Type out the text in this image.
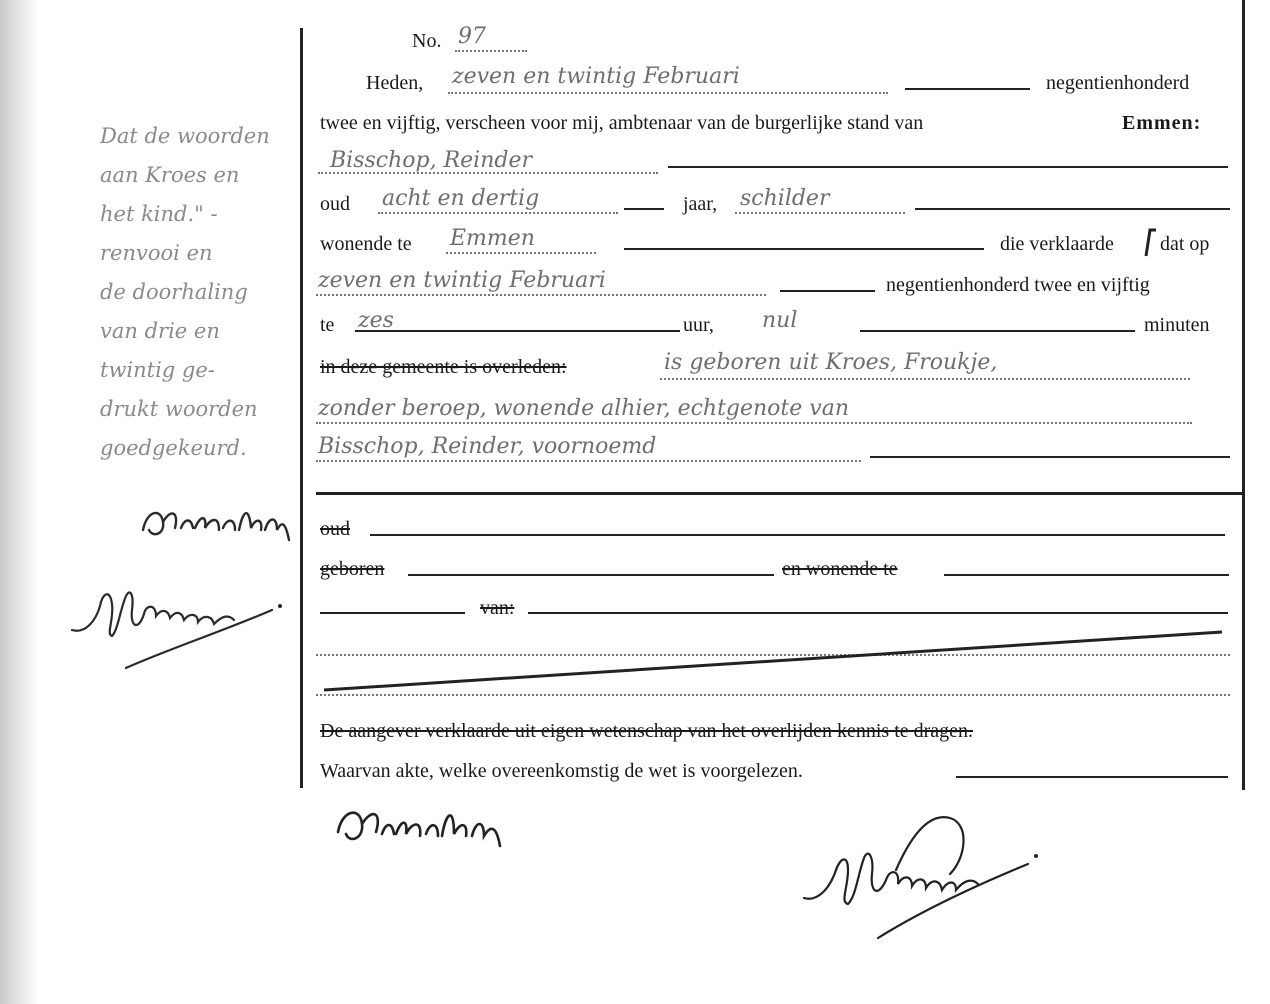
No. 97
Heden, zeven en twintig Februari	negentienhonderd
twee en vijftig, verscheen voor mij, ambtenaar van de burgerlijke stand van	Emmen:
Bisschop, Reinder
oud acht en dertig	jaar, schilder
wonende te Emmen	die verklaarde dat op
zeven en twintig Februari	negentienhonderd twee en vijftig
te zes	uur, nul	minuten
in deze gemeente is overleden:	is geboren uit Kroes, Froukje,
zonder beroep, wonende alhier, echtgenote van
Bisschop, Reinder, voornoemd
oud
geboren	en wonende te
van:
De aangever verklaarde uit eigen wetenschap van het overlijden kennis te dragen.
Waarvan akte, welke overeenkomstig de wet is voorgelezen.
Dat de woorden
aan Kroes en
het kind." -
renvooi en
de doorhaling
van drie en
twintig ge-
drukt woorden
goedgekeurd.
